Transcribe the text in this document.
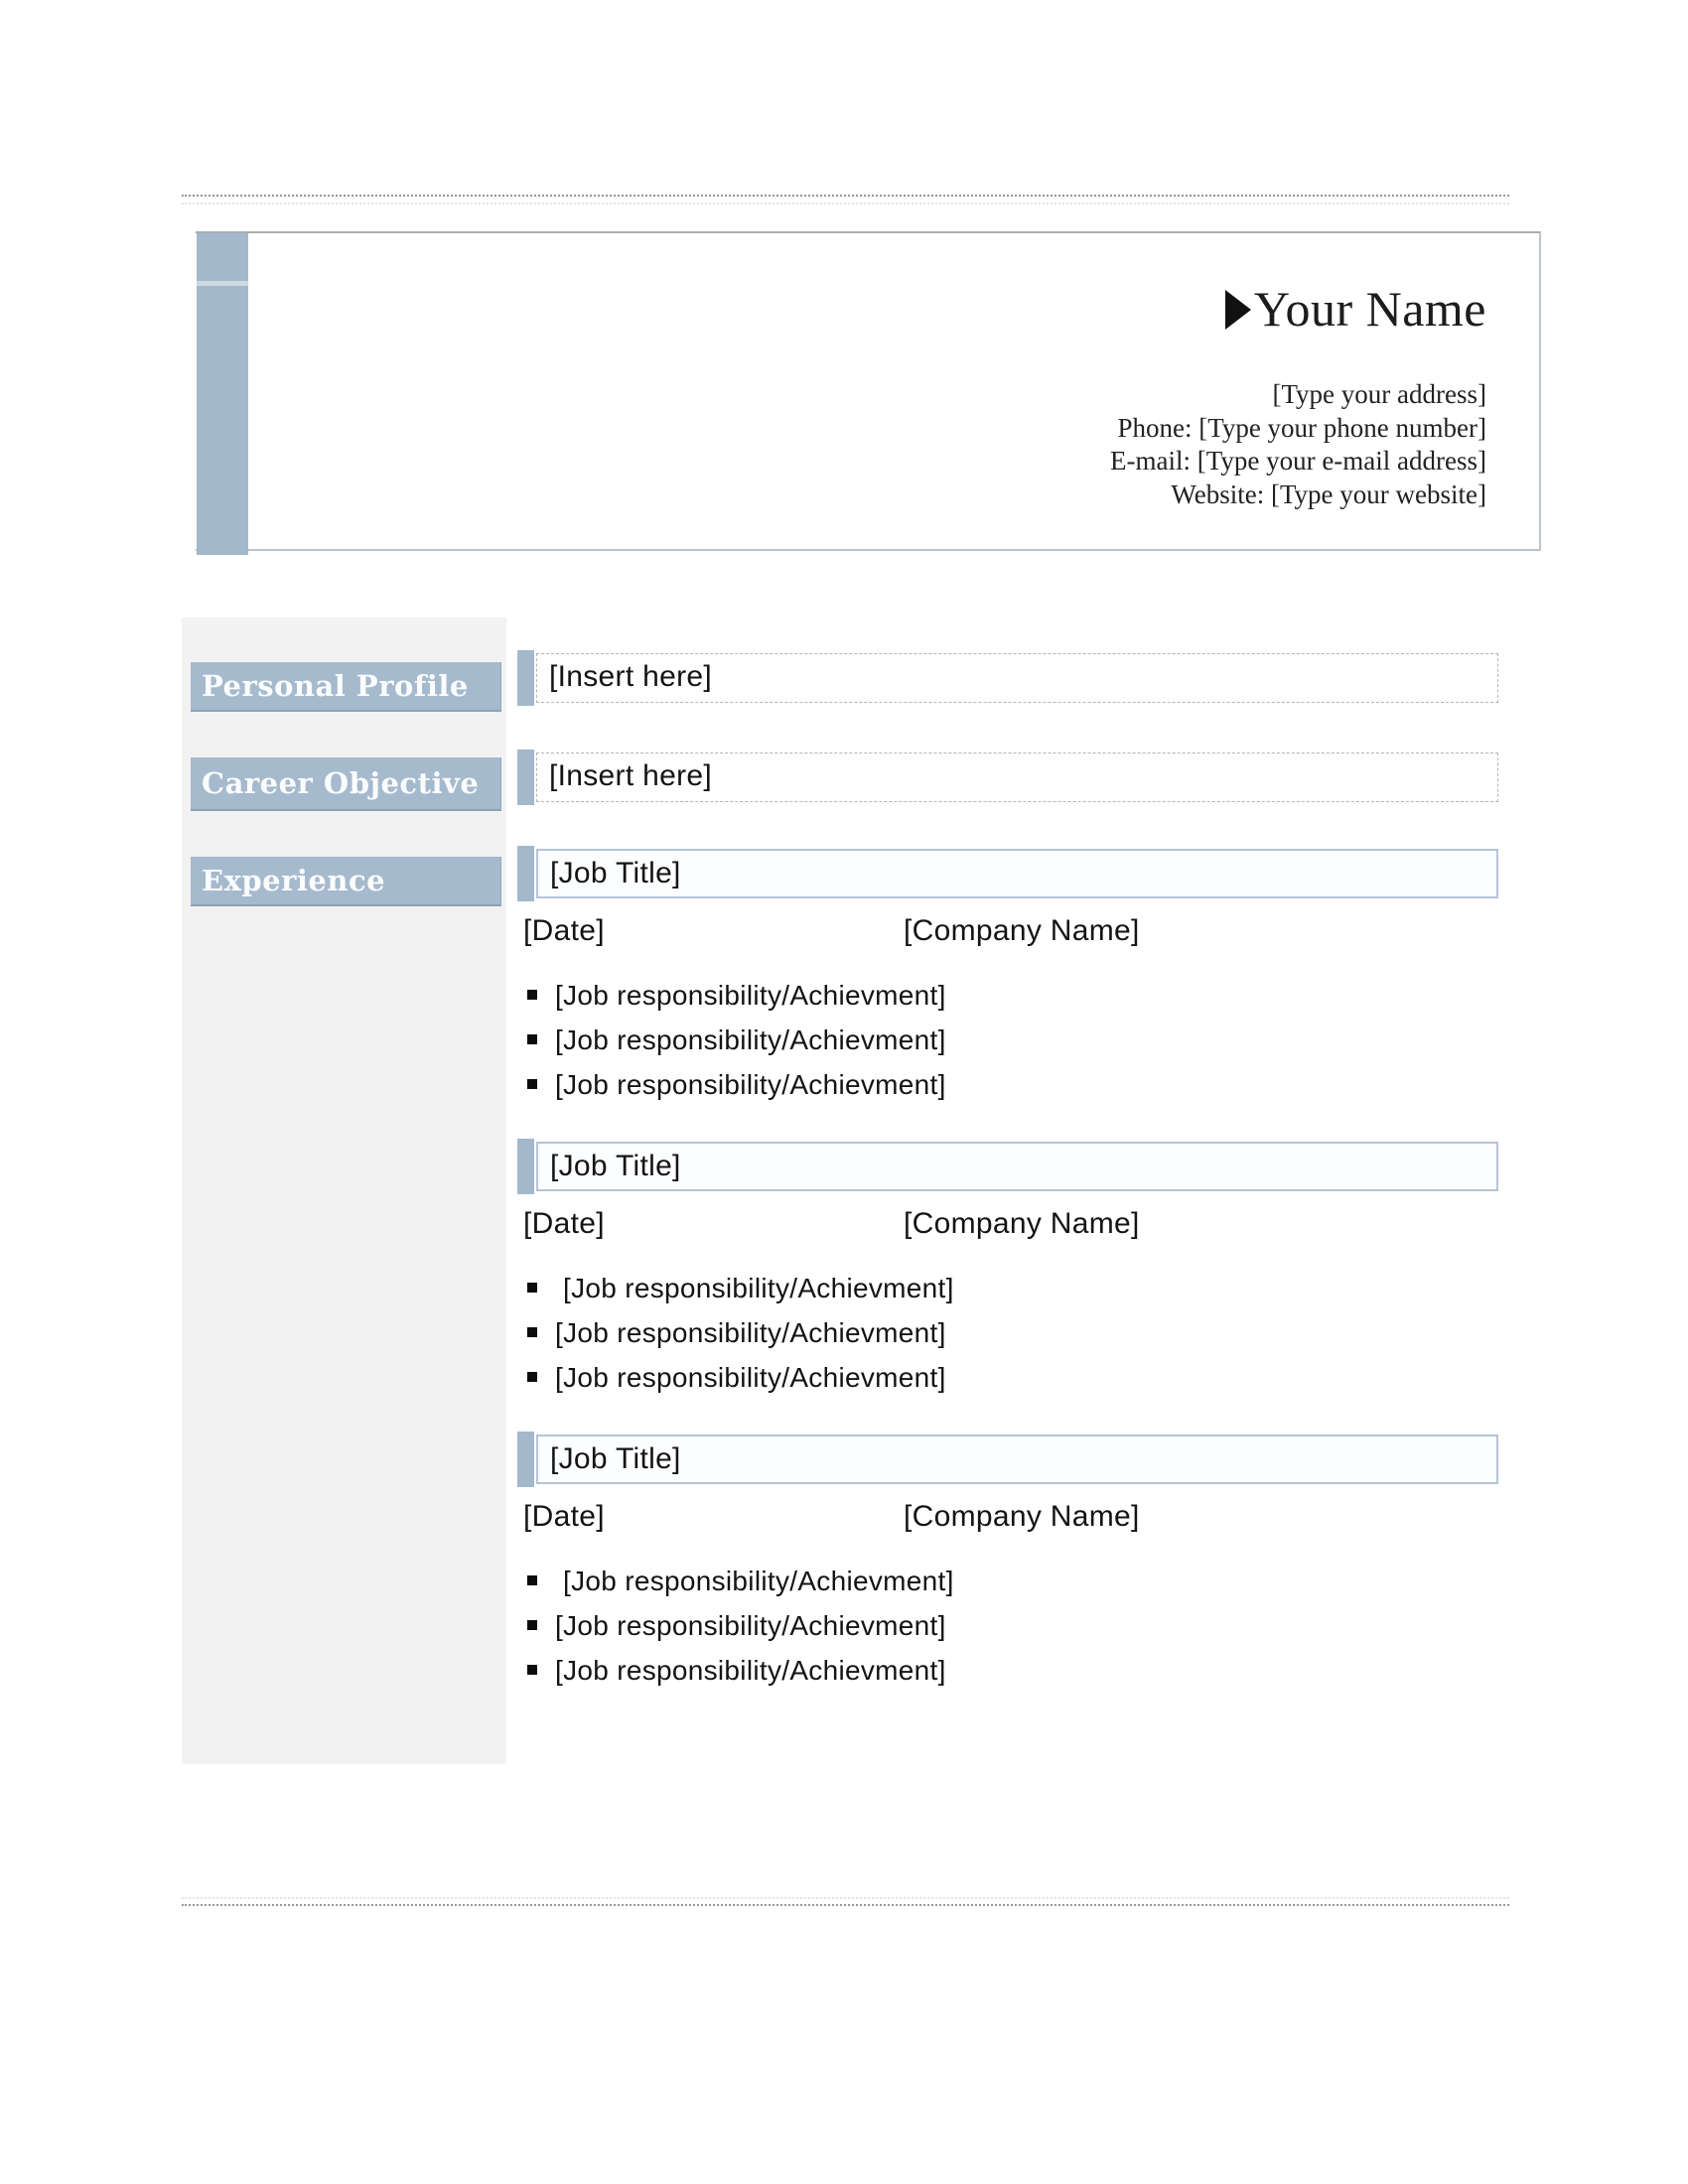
Your Name
[Type your address]
Phone: [Type your phone number]
E-mail: [Type your e-mail address]
Website: [Type your website]
Personal Profile
Career Objective
Experience
[Insert here]
[Insert here]
[Job Title]
[Date]	[Company Name]
[Job responsibility/Achievment]
[Job responsibility/Achievment]
[Job responsibility/Achievment]
[Job Title]
[Date]	[Company Name]
[Job responsibility/Achievment]
[Job responsibility/Achievment]
[Job responsibility/Achievment]
[Job Title]
[Date]	[Company Name]
[Job responsibility/Achievment]
[Job responsibility/Achievment]
[Job responsibility/Achievment]
